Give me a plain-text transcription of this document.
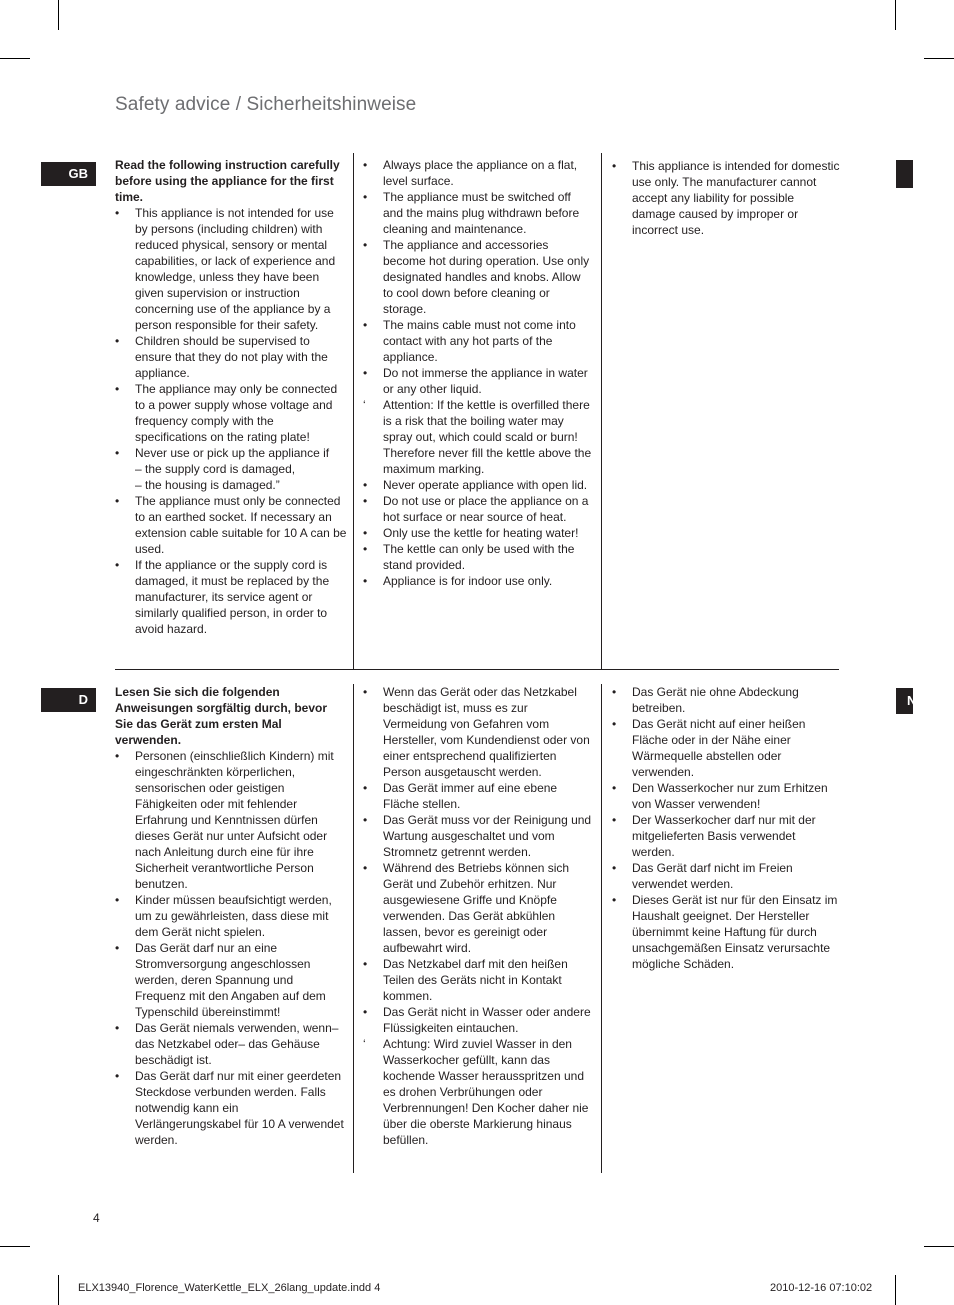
Safety advice / Sicherheitshinweise
GB

Read the following instruction carefully before using the appliance for the first time.

•	This appliance is not intended for use by persons (including children) with reduced physical, sensory or mental capabilities, or lack of experience and knowledge, unless they have been given supervision or instruction concerning use of the appliance by a person responsible for their safety.
•	Children should be supervised to ensure that they do not play with the appliance.
•	The appliance may only be connected to a power supply whose voltage and frequency comply with the specifications on the rating plate!
•	Never use or pick up the appliance if
– the supply cord is damaged,
– the housing is damaged.”
•	The appliance must only be connected to an earthed socket. If necessary an extension cable suitable for 10 A can be used.
•	If the appliance or the supply cord is damaged, it must be replaced by the manufacturer, its service agent or similarly qualified person, in order to avoid hazard.
•	Always place the appliance on a flat, level surface.
•	The appliance must be switched off and the mains plug withdrawn before cleaning and maintenance.
•	The appliance and accessories become hot during operation. Use only designated handles and knobs. Allow to cool down before cleaning or storage.
•	The mains cable must not come into contact with any hot parts of the appliance.
•	Do not immerse the appliance in water or any other liquid.
‘	Attention: If the kettle is overfilled there is a risk that the boiling water may spray out, which could scald or burn! Therefore never fill the kettle above the maximum marking.
•	Never operate appliance with open lid.
•	Do not use or place the appliance on a hot surface or near source of heat.
•	Only use the kettle for heating water!
•	The kettle can only be used with the stand provided.
•	Appliance is for indoor use only.
•	This appliance is intended for domestic use only. The manufacturer cannot accept any liability for possible damage caused by improper or incorrect use.
D	N

Lesen Sie sich die folgenden Anweisungen sorgfältig durch, bevor Sie das Gerät zum ersten Mal verwenden.

•	Personen (einschließlich Kindern) mit eingeschränkten körperlichen, sensorischen oder geistigen Fähigkeiten oder mit fehlender Erfahrung und Kenntnissen dürfen dieses Gerät nur unter Aufsicht oder nach Anleitung durch eine für ihre Sicherheit verantwortliche Person benutzen.
•	Kinder müssen beaufsichtigt werden, um zu gewährleisten, dass diese mit dem Gerät nicht spielen.
•	Das Gerät darf nur an eine Stromversorgung angeschlossen werden, deren Spannung und Frequenz mit den Angaben auf dem Typenschild übereinstimmt!
•	Das Gerät niemals verwenden, wenn– das Netzkabel oder– das Gehäuse beschädigt ist.
•	Das Gerät darf nur mit einer geerdeten Steckdose verbunden werden. Falls notwendig kann ein Verlängerungskabel für 10 A verwendet werden.
•	Wenn das Gerät oder das Netzkabel beschädigt ist, muss es zur Vermeidung von Gefahren vom Hersteller, vom Kundendienst oder von einer entsprechend qualifizierten Person ausgetauscht werden.
•	Das Gerät immer auf eine ebene Fläche stellen.
•	Das Gerät muss vor der Reinigung und Wartung ausgeschaltet und vom Stromnetz getrennt werden.
•	Während des Betriebs können sich Gerät und Zubehör erhitzen. Nur ausgewiesene Griffe und Knöpfe verwenden. Das Gerät abkühlen lassen, bevor es gereinigt oder aufbewahrt wird.
•	Das Netzkabel darf mit den heißen Teilen des Geräts nicht in Kontakt kommen.
•	Das Gerät nicht in Wasser oder andere Flüssigkeiten eintauchen.
‘	Achtung: Wird zuviel Wasser in den Wasserkocher gefüllt, kann das kochende Wasser herausspritzen und es drohen Verbrühungen oder Verbrennungen! Den Kocher daher nie über die oberste Markierung hinaus befüllen.
•	Das Gerät nie ohne Abdeckung betreiben.
•	Das Gerät nicht auf einer heißen Fläche oder in der Nähe einer Wärmequelle abstellen oder verwenden.
•	Den Wasserkocher nur zum Erhitzen von Wasser verwenden!
•	Der Wasserkocher darf nur mit der mitgelieferten Basis verwendet werden.
•	Das Gerät darf nicht im Freien verwendet werden.
•	Dieses Gerät ist nur für den Einsatz im Haushalt geeignet. Der Hersteller übernimmt keine Haftung für durch unsachgemäßen Einsatz verursachte mögliche Schäden.
4
ELX13940_Florence_WaterKettle_ELX_26lang_update.indd 4	2010-12-16 07:10:02
